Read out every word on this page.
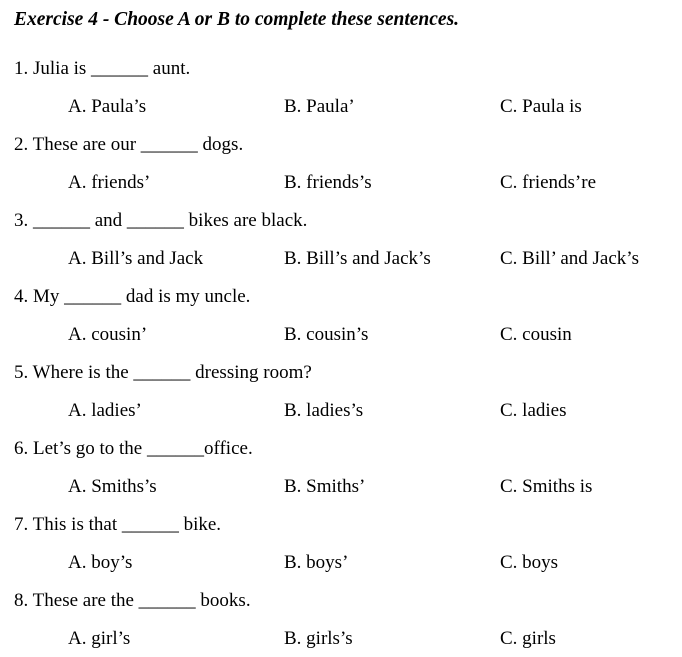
Exercise 4 - Choose A or B to complete these sentences.
1. Julia is ______ aunt.
A. Paula’s	B. Paula’	C. Paula is
2. These are our ______ dogs.
A. friends’	B. friends’s	C. friends’re
3. ______ and ______ bikes are black.
A. Bill’s and Jack	B. Bill’s and Jack’s	C. Bill’ and Jack’s
4. My ______ dad is my uncle.
A. cousin’	B. cousin’s	C. cousin
5. Where is the ______ dressing room?
A. ladies’	B. ladies’s	C. ladies
6. Let’s go to the ______office.
A. Smiths’s	B. Smiths’	C. Smiths is
7. This is that ______ bike.
A. boy’s	B. boys’	C. boys
8. These are the ______ books.
A. girl’s	B. girls’s	C. girls
